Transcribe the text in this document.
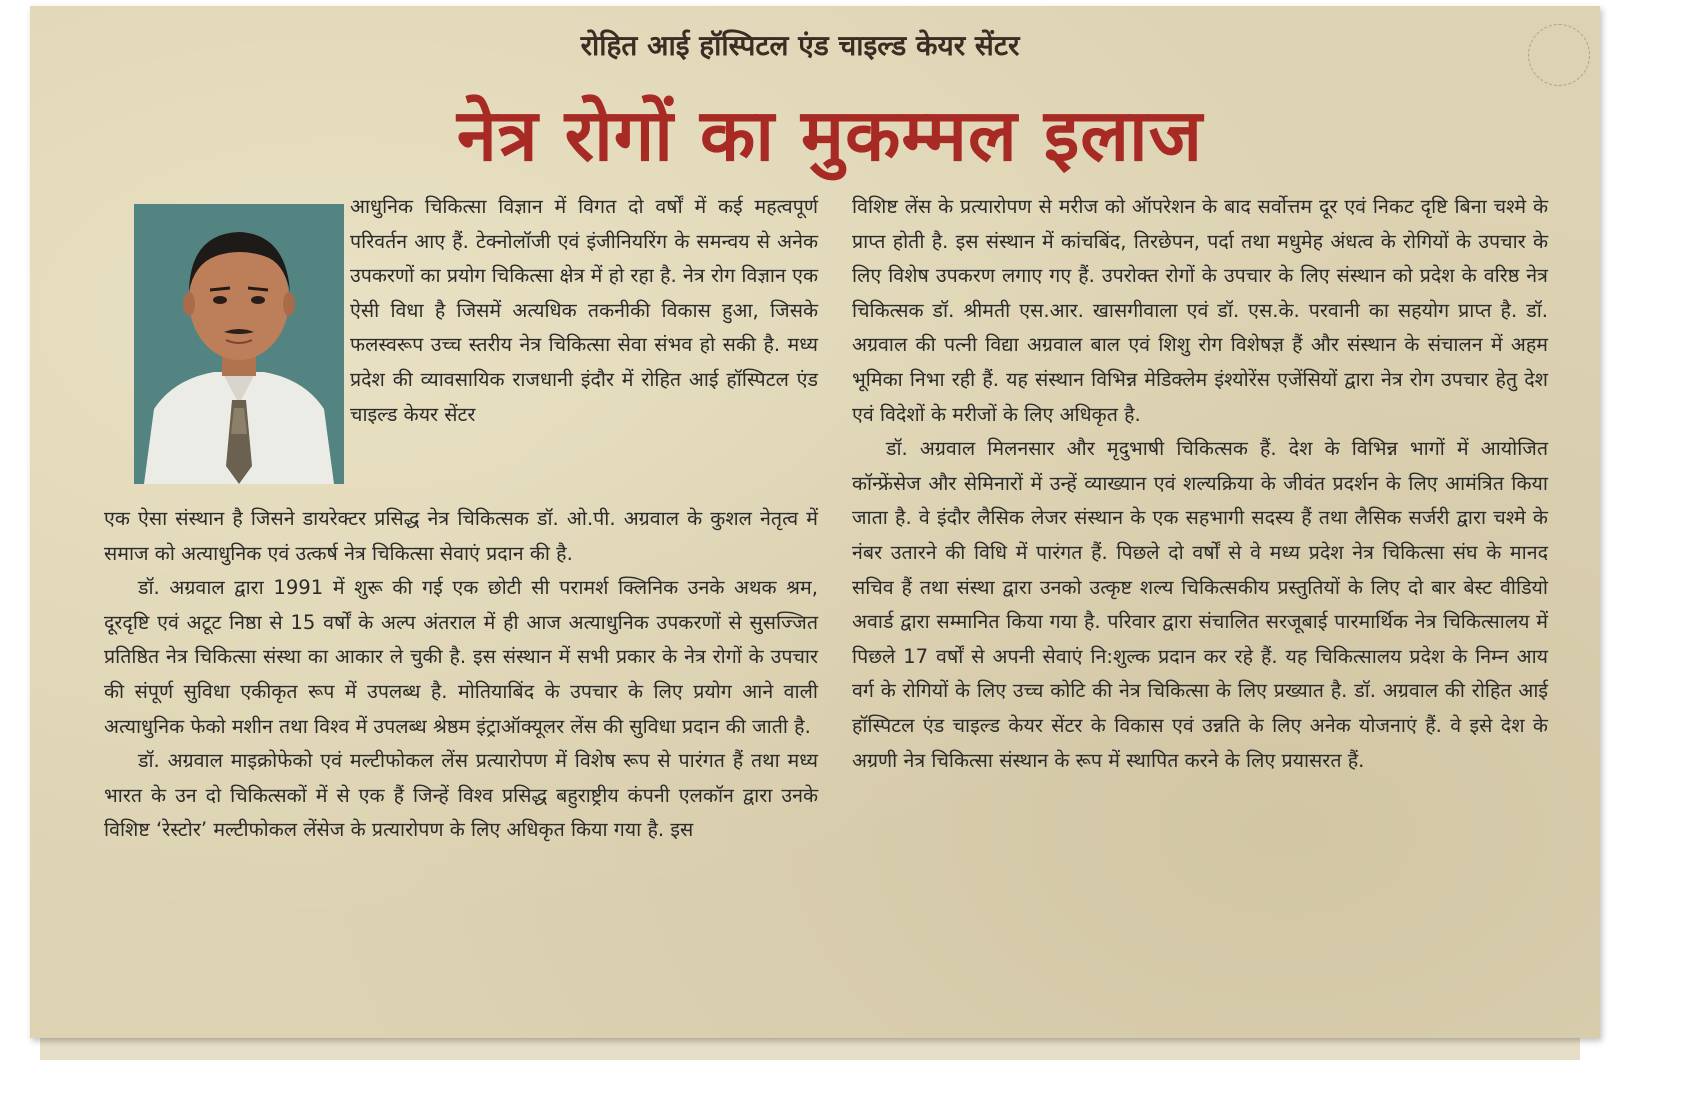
रोहित आई हॉस्पिटल एंड चाइल्ड केयर सेंटर
नेत्र रोगों का मुकम्मल इलाज

आधुनिक चिकित्सा विज्ञान में विगत दो वर्षों में कई महत्वपूर्ण परिवर्तन आए हैं. टेक्नोलॉजी एवं इंजीनियरिंग के समन्वय से अनेक उपकरणों का प्रयोग चिकित्सा क्षेत्र में हो रहा है. नेत्र रोग विज्ञान एक ऐसी विधा है जिसमें अत्यधिक तकनीकी विकास हुआ, जिसके फलस्वरूप उच्च स्तरीय नेत्र चिकित्सा सेवा संभव हो सकी है. मध्य प्रदेश की व्यावसायिक राजधानी इंदौर में रोहित आई हॉस्पिटल एंड चाइल्ड केयर सेंटर

एक ऐसा संस्थान है जिसने डायरेक्टर प्रसिद्ध नेत्र चिकित्सक डॉ. ओ.पी. अग्रवाल के कुशल नेतृत्व में समाज को अत्याधुनिक एवं उत्कर्ष नेत्र चिकित्सा सेवाएं प्रदान की है.

डॉ. अग्रवाल द्वारा 1991 में शुरू की गई एक छोटी सी परामर्श क्लिनिक उनके अथक श्रम, दूरदृष्टि एवं अटूट निष्ठा से 15 वर्षों के अल्प अंतराल में ही आज अत्याधुनिक उपकरणों से सुसज्जित प्रतिष्ठित नेत्र चिकित्सा संस्था का आकार ले चुकी है. इस संस्थान में सभी प्रकार के नेत्र रोगों के उपचार की संपूर्ण सुविधा एकीकृत रूप में उपलब्ध है. मोतियाबिंद के उपचार के लिए प्रयोग आने वाली अत्याधुनिक फेको मशीन तथा विश्व में उपलब्ध श्रेष्ठम इंट्राऑक्यूलर लेंस की सुविधा प्रदान की जाती है.

डॉ. अग्रवाल माइक्रोफेको एवं मल्टीफोकल लेंस प्रत्यारोपण में विशेष रूप से पारंगत हैं तथा मध्य भारत के उन दो चिकित्सकों में से एक हैं जिन्हें विश्व प्रसिद्ध बहुराष्ट्रीय कंपनी एलकॉन द्वारा उनके विशिष्ट ‘रेस्टोर’ मल्टीफोकल लेंसेज के प्रत्यारोपण के लिए अधिकृत किया गया है. इस

विशिष्ट लेंस के प्रत्यारोपण से मरीज को ऑपरेशन के बाद सर्वोत्तम दूर एवं निकट दृष्टि बिना चश्मे के प्राप्त होती है. इस संस्थान में कांचबिंद, तिरछेपन, पर्दा तथा मधुमेह अंधत्व के रोगियों के उपचार के लिए विशेष उपकरण लगाए गए हैं. उपरोक्त रोगों के उपचार के लिए संस्थान को प्रदेश के वरिष्ठ नेत्र चिकित्सक डॉ. श्रीमती एस.आर. खासगीवाला एवं डॉ. एस.के. परवानी का सहयोग प्राप्त है. डॉ. अग्रवाल की पत्नी विद्या अग्रवाल बाल एवं शिशु रोग विशेषज्ञ हैं और संस्थान के संचालन में अहम भूमिका निभा रही हैं. यह संस्थान विभिन्न मेडिक्लेम इंश्योरेंस एजेंसियों द्वारा नेत्र रोग उपचार हेतु देश एवं विदेशों के मरीजों के लिए अधिकृत है.

डॉ. अग्रवाल मिलनसार और मृदुभाषी चिकित्सक हैं. देश के विभिन्न भागों में आयोजित कॉन्फ्रेंसेज और सेमिनारों में उन्हें व्याख्यान एवं शल्यक्रिया के जीवंत प्रदर्शन के लिए आमंत्रित किया जाता है. वे इंदौर लैसिक लेजर संस्थान के एक सहभागी सदस्य हैं तथा लैसिक सर्जरी द्वारा चश्मे के नंबर उतारने की विधि में पारंगत हैं. पिछले दो वर्षों से वे मध्य प्रदेश नेत्र चिकित्सा संघ के मानद सचिव हैं तथा संस्था द्वारा उनको उत्कृष्ट शल्य चिकित्सकीय प्रस्तुतियों के लिए दो बार बेस्ट वीडियो अवार्ड द्वारा सम्मानित किया गया है. परिवार द्वारा संचालित सरजूबाई पारमार्थिक नेत्र चिकित्सालय में पिछले 17 वर्षों से अपनी सेवाएं नि:शुल्क प्रदान कर रहे हैं. यह चिकित्सालय प्रदेश के निम्न आय वर्ग के रोगियों के लिए उच्च कोटि की नेत्र चिकित्सा के लिए प्रख्यात है. डॉ. अग्रवाल की रोहित आई हॉस्पिटल एंड चाइल्ड केयर सेंटर के विकास एवं उन्नति के लिए अनेक योजनाएं हैं. वे इसे देश के अग्रणी नेत्र चिकित्सा संस्थान के रूप में स्थापित करने के लिए प्रयासरत हैं.
